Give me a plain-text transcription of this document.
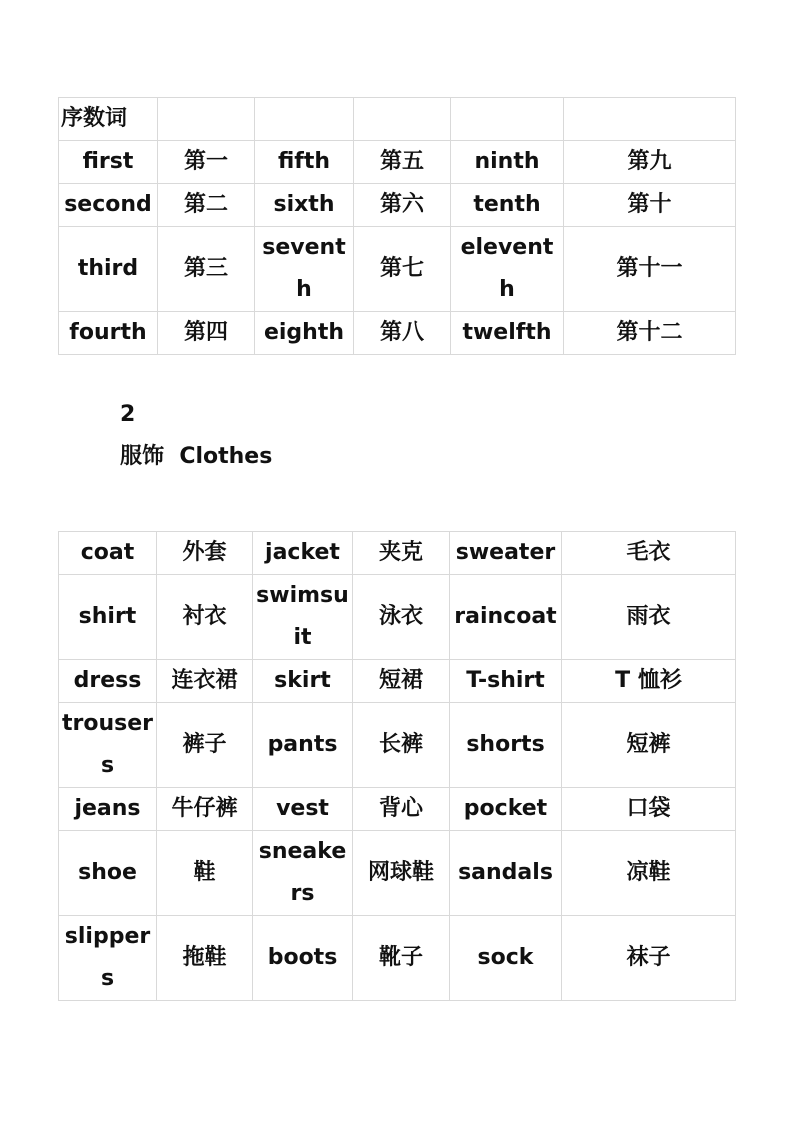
序数词					
first	第一	fifth	第五	ninth	第九
second	第二	sixth	第六	tenth	第十
third	第三	seventh	第七	eleventh	第十一
fourth	第四	eighth	第八	twelfth	第十二
2
服饰  Clothes
coat	外套	jacket	夹克	sweater	毛衣
shirt	衬衣	swimsuit	泳衣	raincoat	雨衣
dress	连衣裙	skirt	短裙	T-shirt	T 恤衫
trousers	裤子	pants	长裤	shorts	短裤
jeans	牛仔裤	vest	背心	pocket	口袋
shoe	鞋	sneakers	网球鞋	sandals	凉鞋
slippers	拖鞋	boots	靴子	sock	袜子
